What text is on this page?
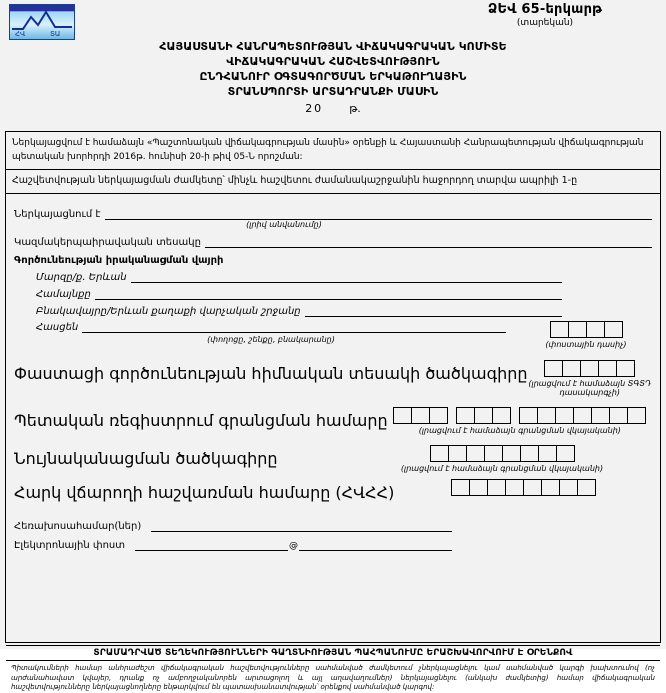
ՀՎ	ՏԱ
ՁԵՎ 65-երկարթ
(տարեկան)
ՀԱՅԱՍՏԱՆԻ ՀԱՆՐԱՊԵՏՈՒԹՅԱՆ ՎԻՃԱԿԱԳՐԱԿԱՆ ԿՈՄԻՏԵ
ՎԻՃԱԿԱԳՐԱԿԱՆ ՀԱՇՎԵՏՎՈՒԹՅՈՒՆ
ԸՆԴՀԱՆՈՒՐ ՕԳՏԱԳՈՐԾՄԱՆ ԵՐԿԱԹՈՒՂԱՅԻՆ
ՏՐԱՆՍՊՈՐՏԻ ԱՐՏԱԴՐԱՆՔԻ ՄԱՍԻՆ
20 թ.
Ներկայացվում է համաձայն «Պաշտոնական վիճակագրության մասին» օրենքի և Հայաստանի Հանրապետության վիճակագրության պետական խորհրդի 2016թ. հունիսի 20-ի թիվ 05-Ն որոշման:
Հաշվետվության ներկայացման ժամկետը՝ մինչև հաշվետու ժամանակաշրջանին հաջորդող տարվա ապրիլի 1-ը
Ներկայացնում է
(լրիվ անվանումը)
Կազմակերպաիրավական տեսակը
Գործունեության իրականացման վայրի
Մարզը/ք. Երևան
Համայնքը
Բնակավայրը/Երևան քաղաքի վարչական շրջանը
Հասցեն
(փողոցը, շենքը, բնակարանը)
(փոստային դասիչ)
Փաստացի գործունեության հիմնական տեսակի ծածկագիրը
(լրացվում է համաձայն ՏԳՏԴ դասակարգչի)
Պետական ռեգիստրում գրանցման համարը
(լրացվում է համաձայն գրանցման վկայականի)
Նույնականացման ծածկագիրը
(լրացվում է համաձայն գրանցման վկայականի)
Հարկ վճարողի հաշվառման համարը (ՀՎՀՀ)
Հեռախոսահամար(ներ)
Էլեկտրոնային փոստ	@
ՏՐԱՄԱԴՐՎԱԾ ՏԵՂԵԿՈՒԹՅՈՒՆՆԵՐԻ ԳԱՂՏՆԻՈՒԹՅԱՆ ՊԱՀՊԱՆՈՒՄԸ ԵՐԱՇԽԱՎՈՐՎՈՒՄ Է ՕՐԵՆՔՈՎ
Պիտակումների համար անհրաժեշտ վիճակագրական հաշվետվությունները սահմանված ժամկետում չներկայացնելու կամ սահմանված կարգի խախտումով (ոչ արժանահավատ կվայեր, դրանք ոչ ամբողջականորեն արտացոլող և այլ աղավաղումներ) ներկայացնելու (անկախ ժամկետից) համար վիճակագրական հաշվետվությունները ներկայացնողները ենթարկվում են պատասխանատվության՝ օրենքով սահմանված կարգով:
